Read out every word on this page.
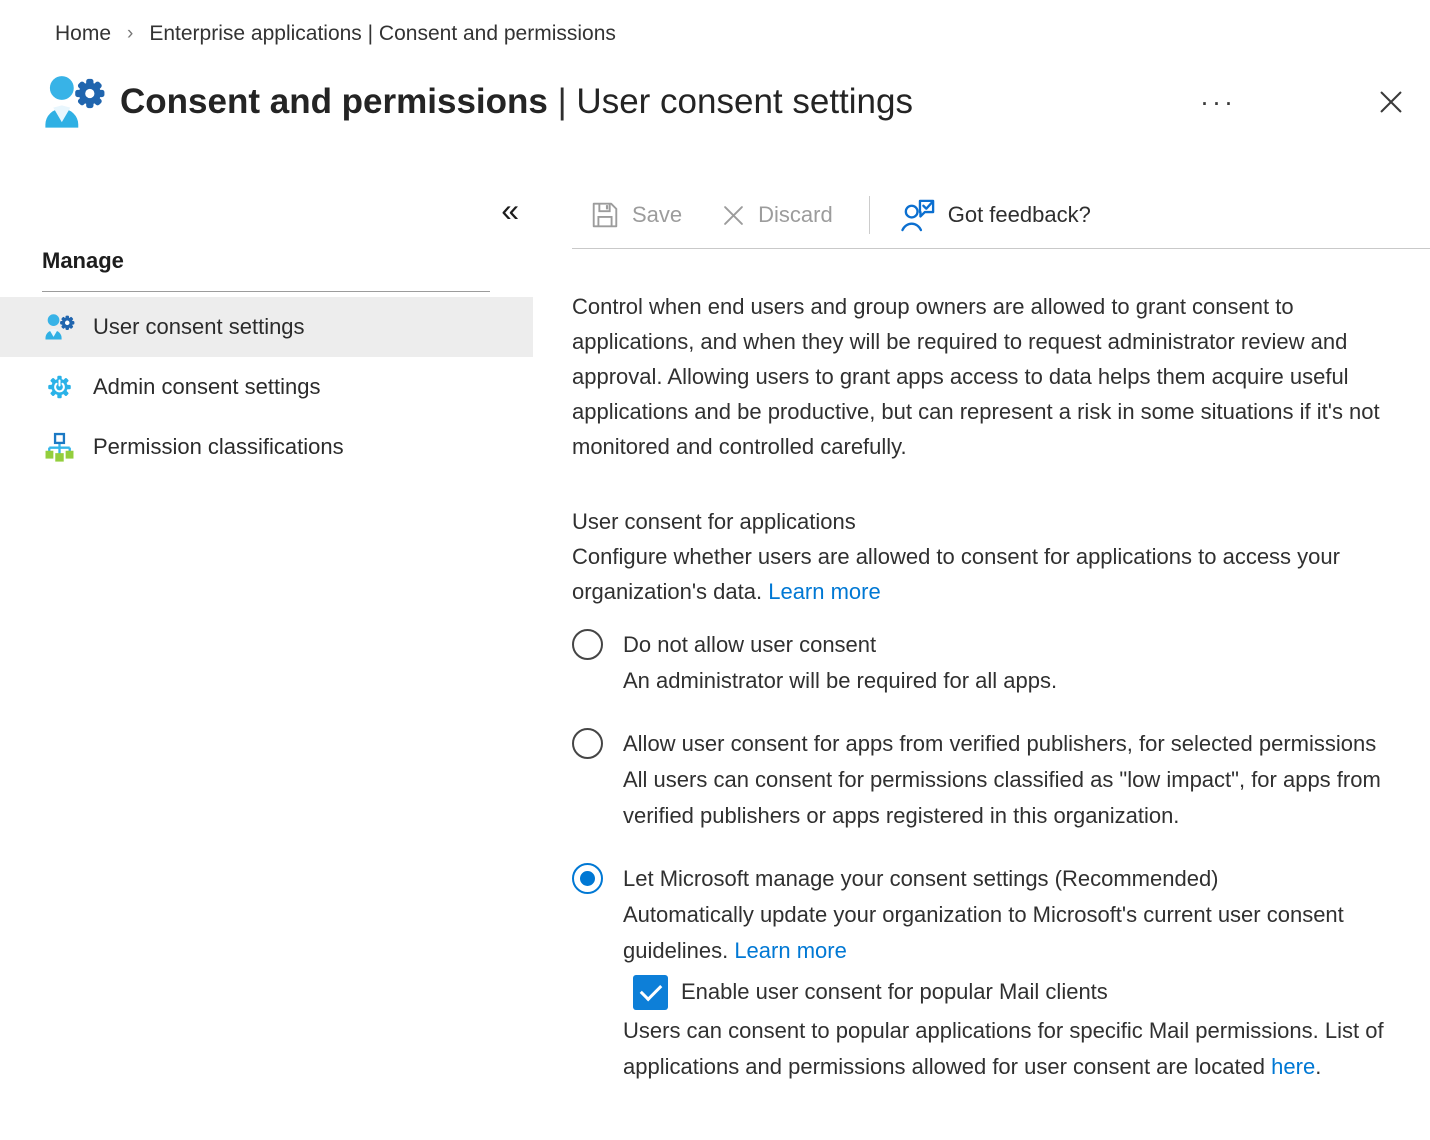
Home › Enterprise applications | Consent and permissions
Consent and permissions | User consent settings	···
«
Manage
User consent settings
Admin consent settings
Permission classifications
Save	Discard	Got feedback?

Control when end users and group owners are allowed to grant consent to applications, and when they will be required to request administrator review and approval. Allowing users to grant apps access to data helps them acquire useful applications and be productive, but can represent a risk in some situations if it's not monitored and controlled carefully.

User consent for applications
Configure whether users are allowed to consent for applications to access your organization's data. Learn more
Do not allow user consent
An administrator will be required for all apps.
Allow user consent for apps from verified publishers, for selected permissions
All users can consent for permissions classified as "low impact", for apps from verified publishers or apps registered in this organization.
Let Microsoft manage your consent settings (Recommended)
Automatically update your organization to Microsoft's current user consent guidelines. Learn more
Enable user consent for popular Mail clients
Users can consent to popular applications for specific Mail permissions. List of applications and permissions allowed for user consent are located here.
